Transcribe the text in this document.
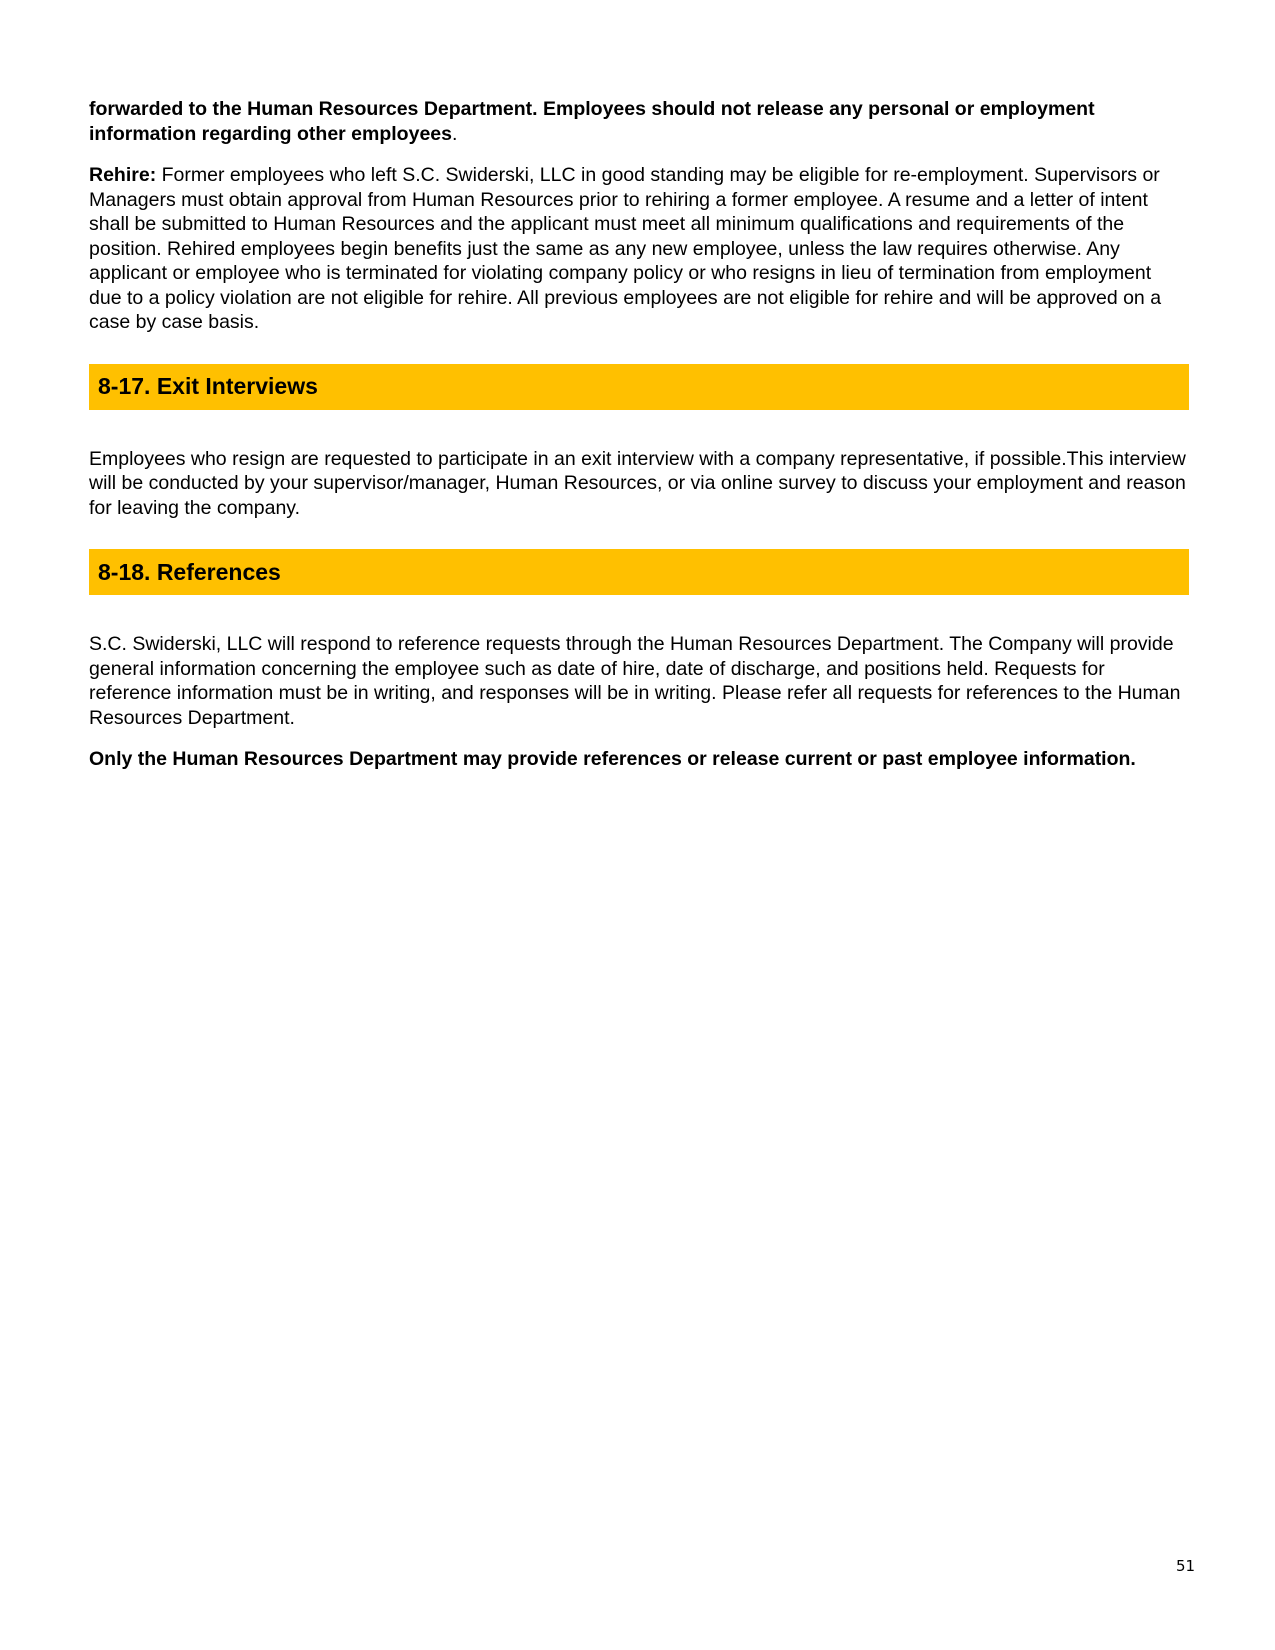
forwarded to the Human Resources Department. Employees should not release any personal or employment information regarding other employees.

Rehire: Former employees who left S.C. Swiderski, LLC in good standing may be eligible for re-employment. Supervisors or Managers must obtain approval from Human Resources prior to rehiring a former employee. A resume and a letter of intent shall be submitted to Human Resources and the applicant must meet all minimum qualifications and requirements of the position. Rehired employees begin benefits just the same as any new employee, unless the law requires otherwise. Any applicant or employee who is terminated for violating company policy or who resigns in lieu of termination from employment due to a policy violation are not eligible for rehire. All previous employees are not eligible for rehire and will be approved on a case by case basis.

8-17. Exit Interviews

Employees who resign are requested to participate in an exit interview with a company representative, if possible.This interview will be conducted by your supervisor/manager, Human Resources, or via online survey to discuss your employment and reason for leaving the company.

8-18. References

S.C. Swiderski, LLC will respond to reference requests through the Human Resources Department. The Company will provide general information concerning the employee such as date of hire, date of discharge, and positions held. Requests for reference information must be in writing, and responses will be in writing. Please refer all requests for references to the Human Resources Department.

Only the Human Resources Department may provide references or release current or past employee information.

51
